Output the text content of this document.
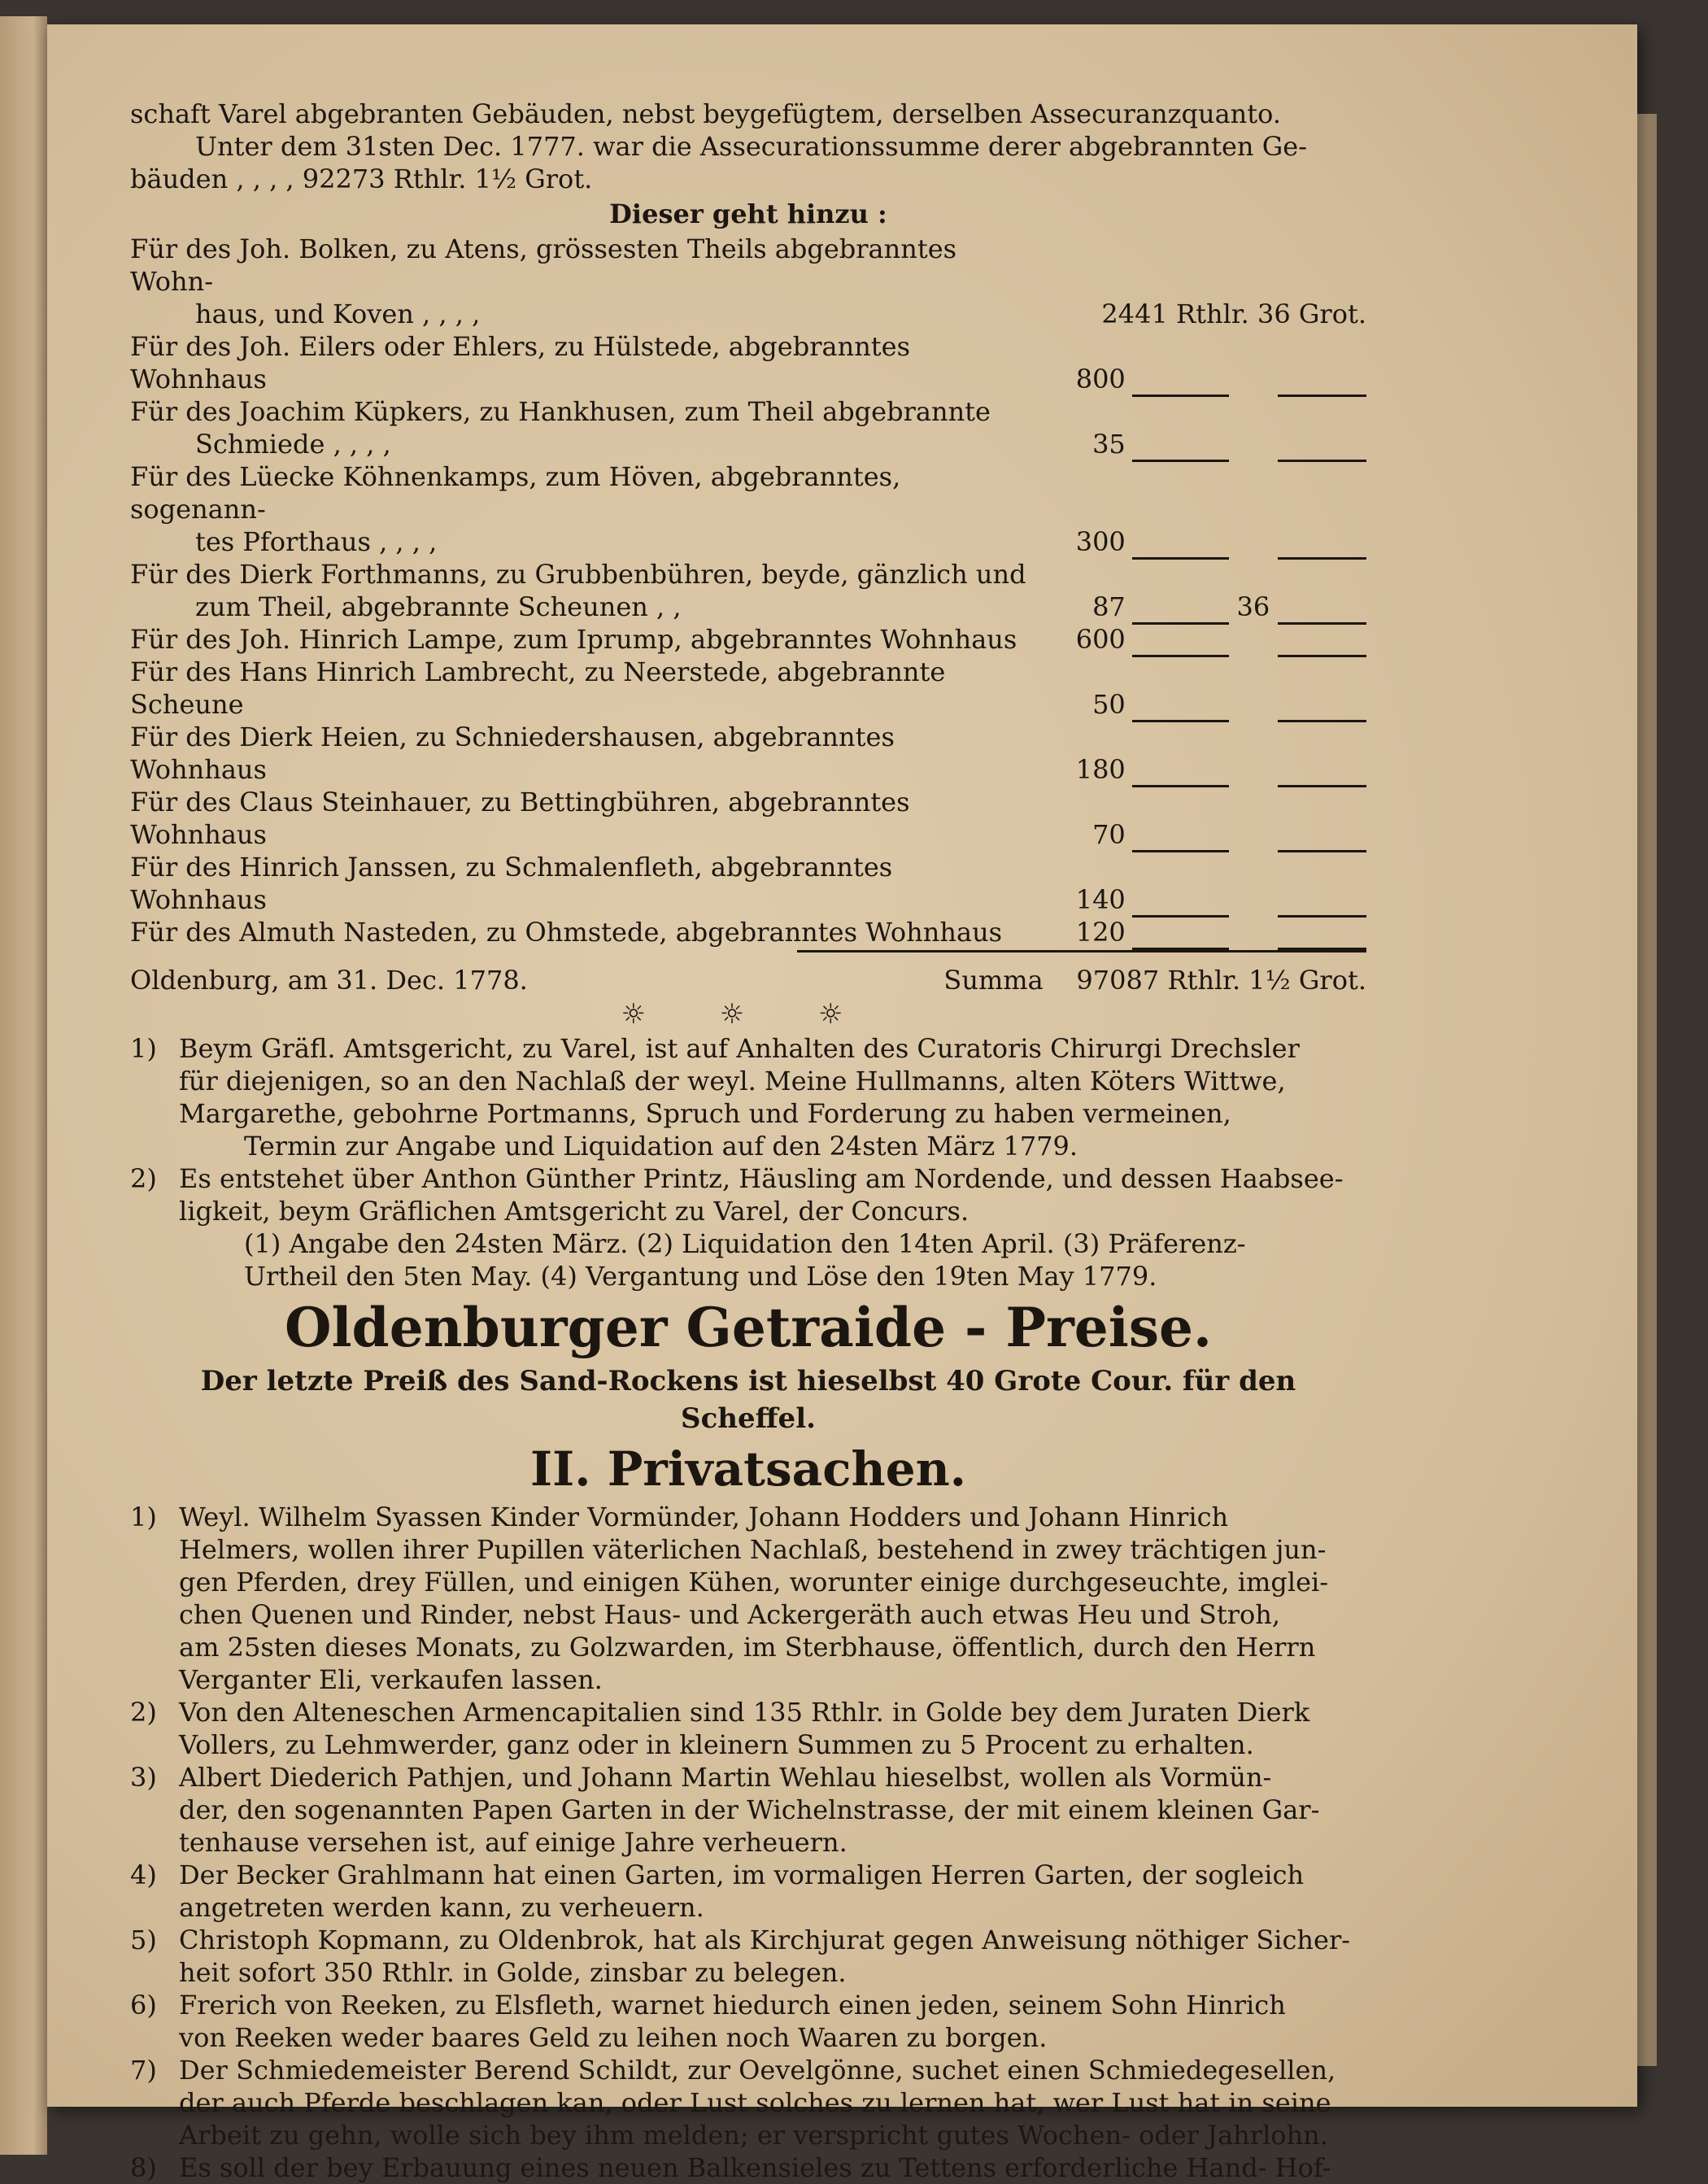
schaft Varel abgebranten Gebäuden, nebst beygefügtem, derselben Assecuranzquanto.
Unter dem 31sten Dec. 1777. war die Assecurationssumme derer abgebrannten Ge-
bäuden , , , , 92273 Rthlr. 1½ Grot.
Dieser geht hinzu :
Für des Joh. Bolken, zu Atens, grössesten Theils abgebranntes Wohn-
haus, und Koven , , , ,	2441 Rthlr. 36 Grot.			
Für des Joh. Eilers oder Ehlers, zu Hülstede, abgebranntes Wohnhaus	800			

Für des Joachim Küpkers, zu Hankhusen, zum Theil abgebrannte
Schmiede , , , ,	35			

Für des Lüecke Köhnenkamps, zum Höven, abgebranntes, sogenann-
tes Pforthaus , , , ,	300			

Für des Dierk Forthmanns, zu Grubbenbühren, beyde, gänzlich und
zum Theil, abgebrannte Scheunen , ,	87		36	
Für des Joh. Hinrich Lampe, zum Iprump, abgebranntes Wohnhaus	600			
Für des Hans Hinrich Lambrecht, zu Neerstede, abgebrannte Scheune	50			
Für des Dierk Heien, zu Schniedershausen, abgebranntes Wohnhaus	180			
Für des Claus Steinhauer, zu Bettingbühren, abgebranntes Wohnhaus	70			
Für des Hinrich Janssen, zu Schmalenfleth, abgebranntes Wohnhaus	140			
Für des Almuth Nasteden, zu Ohmstede, abgebranntes Wohnhaus	120			
Oldenburg, am 31. Dec. 1778.	Summa 97087 Rthlr. 1½ Grot.
☼ ☼ ☼
1) Beym Gräfl. Amtsgericht, zu Varel, ist auf Anhalten des Curatoris Chirurgi Drechsler
für diejenigen, so an den Nachlaß der weyl. Meine Hullmanns, alten Köters Wittwe,
Margarethe, gebohrne Portmanns, Spruch und Forderung zu haben vermeinen,
Termin zur Angabe und Liquidation auf den 24sten März 1779.
2) Es entstehet über Anthon Günther Printz, Häusling am Nordende, und dessen Haabsee-
ligkeit, beym Gräflichen Amtsgericht zu Varel, der Concurs.
(1) Angabe den 24sten März. (2) Liquidation den 14ten April. (3) Präferenz-
Urtheil den 5ten May. (4) Vergantung und Löse den 19ten May 1779.
Oldenburger Getraide - Preise.
Der letzte Preiß des Sand-Rockens ist hieselbst 40 Grote Cour. für den Scheffel.
II. Privatsachen.
1) Weyl. Wilhelm Syassen Kinder Vormünder, Johann Hodders und Johann Hinrich
Helmers, wollen ihrer Pupillen väterlichen Nachlaß, bestehend in zwey trächtigen jun-
gen Pferden, drey Füllen, und einigen Kühen, worunter einige durchgeseuchte, imglei-
chen Quenen und Rinder, nebst Haus- und Ackergeräth auch etwas Heu und Stroh,
am 25sten dieses Monats, zu Golzwarden, im Sterbhause, öffentlich, durch den Herrn
Verganter Eli, verkaufen lassen.
2) Von den Alteneschen Armencapitalien sind 135 Rthlr. in Golde bey dem Juraten Dierk
Vollers, zu Lehmwerder, ganz oder in kleinern Summen zu 5 Procent zu erhalten.
3) Albert Diederich Pathjen, und Johann Martin Wehlau hieselbst, wollen als Vormün-
der, den sogenannten Papen Garten in der Wichelnstrasse, der mit einem kleinen Gar-
tenhause versehen ist, auf einige Jahre verheuern.
4) Der Becker Grahlmann hat einen Garten, im vormaligen Herren Garten, der sogleich
angetreten werden kann, zu verheuern.
5) Christoph Kopmann, zu Oldenbrok, hat als Kirchjurat gegen Anweisung nöthiger Sicher-
heit sofort 350 Rthlr. in Golde, zinsbar zu belegen.
6) Frerich von Reeken, zu Elsfleth, warnet hiedurch einen jeden, seinem Sohn Hinrich
von Reeken weder baares Geld zu leihen noch Waaren zu borgen.
7) Der Schmiedemeister Berend Schildt, zur Oevelgönne, suchet einen Schmiedegesellen,
der auch Pferde beschlagen kan, oder Lust solches zu lernen hat, wer Lust hat in seine
Arbeit zu gehn, wolle sich bey ihm melden; er verspricht gutes Wochen- oder Jahrlohn.
8) Es soll der bey Erbauung eines neuen Balkensieles zu Tettens erforderliche Hand- Hof-
